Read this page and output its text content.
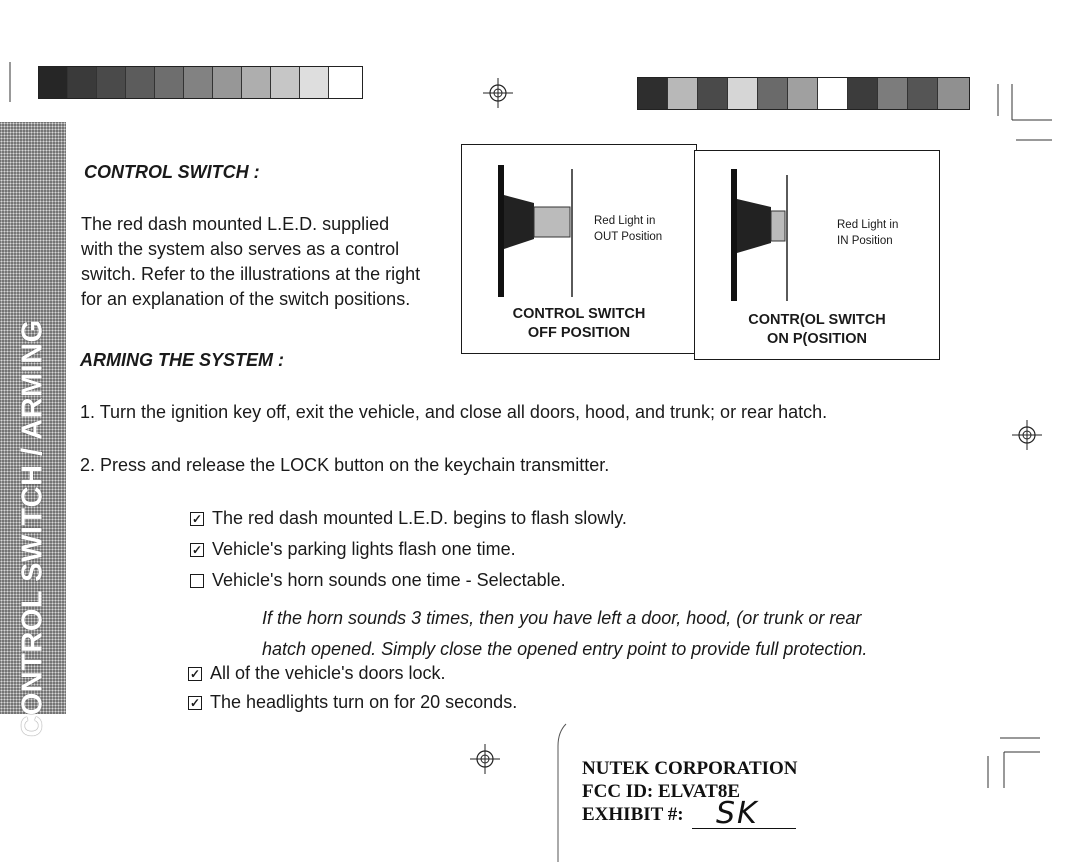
CONTROL SWITCH / ARMING
3
CONTROL SWITCH :
The red dash mounted L.E.D. supplied
with the system also serves as a control
switch. Refer to the illustrations at the right
for an explanation of the switch positions.
Red Light in
OUT Position
CONTROL SWITCH
OFF POSITION
Red Light in
IN Position
CONTR(OL SWITCH
ON P(OSITION
ARMING THE SYSTEM :
1. Turn the ignition key off, exit the vehicle, and close all doors, hood, and trunk; or rear hatch.
2. Press and release the LOCK button on the keychain transmitter.
✓ The red dash mounted L.E.D. begins to flash slowly.
✓ Vehicle's parking lights flash one time.
Vehicle's horn sounds one time - Selectable.
If the horn sounds 3 times, then you have left a door, hood, (or trunk or rear
hatch opened. Simply close the opened entry point to provide full protection.
✓ All of the vehicle's doors lock.
✓ The headlights turn on for 20 seconds.
NUTEK CORPORATION
FCC ID: ELVAT8E
EXHIBIT #: SK
